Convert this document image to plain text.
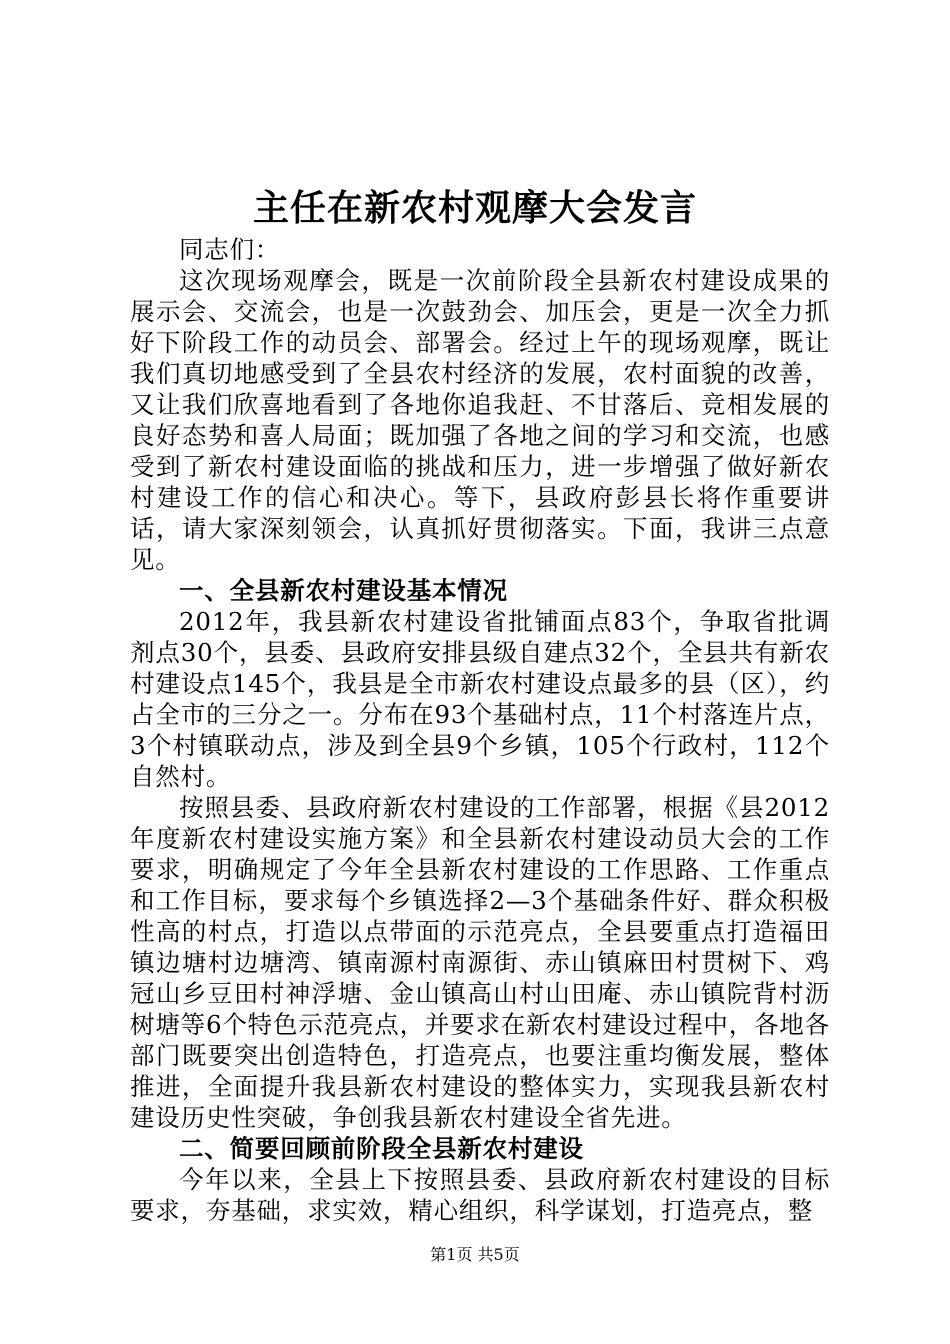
主任在新农村观摩大会发言

同志们：

这次现场观摩会，既是一次前阶段全县新农村建设成果的展示会、交流会，也是一次鼓劲会、加压会，更是一次全力抓好下阶段工作的动员会、部署会。经过上午的现场观摩，既让我们真切地感受到了全县农村经济的发展，农村面貌的改善，又让我们欣喜地看到了各地你追我赶、不甘落后、竞相发展的良好态势和喜人局面；既加强了各地之间的学习和交流，也感受到了新农村建设面临的挑战和压力，进一步增强了做好新农村建设工作的信心和决心。等下，县政府彭县长将作重要讲话，请大家深刻领会，认真抓好贯彻落实。下面，我讲三点意见。

一、全县新农村建设基本情况

2012年，我县新农村建设省批铺面点83个，争取省批调剂点30个，县委、县政府安排县级自建点32个，全县共有新农村建设点145个，我县是全市新农村建设点最多的县（区），约占全市的三分之一。分布在93个基础村点，11个村落连片点，3个村镇联动点，涉及到全县9个乡镇，105个行政村，112个自然村。

按照县委、县政府新农村建设的工作部署，根据《县2012年度新农村建设实施方案》和全县新农村建设动员大会的工作要求，明确规定了今年全县新农村建设的工作思路、工作重点和工作目标，要求每个乡镇选择2—3个基础条件好、群众积极性高的村点，打造以点带面的示范亮点，全县要重点打造福田镇边塘村边塘湾、镇南源村南源街、赤山镇麻田村贯树下、鸡冠山乡豆田村神浮塘、金山镇高山村山田庵、赤山镇院背村沥树塘等6个特色示范亮点，并要求在新农村建设过程中，各地各部门既要突出创造特色，打造亮点，也要注重均衡发展，整体推进，全面提升我县新农村建设的整体实力，实现我县新农村建设历史性突破，争创我县新农村建设全省先进。

二、简要回顾前阶段全县新农村建设

今年以来，全县上下按照县委、县政府新农村建设的目标要求，夯基础，求实效，精心组织，科学谋划，打造亮点，整

第1页 共5页
